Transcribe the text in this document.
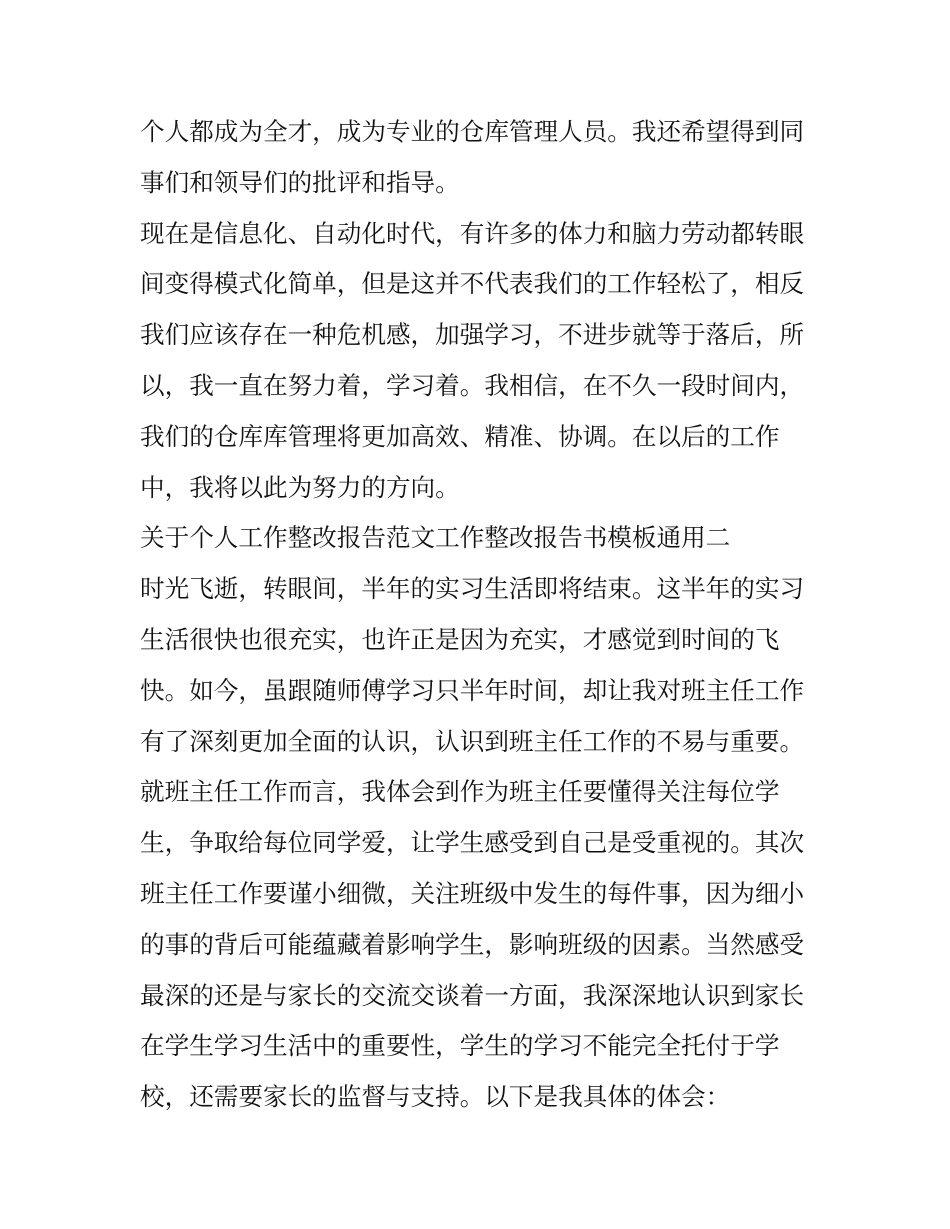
个人都成为全才，成为专业的仓库管理人员。我还希望得到同
事们和领导们的批评和指导。
现在是信息化、自动化时代，有许多的体力和脑力劳动都转眼
间变得模式化简单，但是这并不代表我们的工作轻松了，相反
我们应该存在一种危机感，加强学习，不进步就等于落后，所
以，我一直在努力着，学习着。我相信，在不久一段时间内，
我们的仓库库管理将更加高效、精准、协调。在以后的工作
中，我将以此为努力的方向。
关于个人工作整改报告范文工作整改报告书模板通用二
时光飞逝，转眼间，半年的实习生活即将结束。这半年的实习
生活很快也很充实，也许正是因为充实，才感觉到时间的飞
快。如今，虽跟随师傅学习只半年时间，却让我对班主任工作
有了深刻更加全面的认识，认识到班主任工作的不易与重要。
就班主任工作而言，我体会到作为班主任要懂得关注每位学
生，争取给每位同学爱，让学生感受到自己是受重视的。其次
班主任工作要谨小细微，关注班级中发生的每件事，因为细小
的事的背后可能蕴藏着影响学生，影响班级的因素。当然感受
最深的还是与家长的交流交谈着一方面，我深深地认识到家长
在学生学习生活中的重要性，学生的学习不能完全托付于学
校，还需要家长的监督与支持。以下是我具体的体会：
